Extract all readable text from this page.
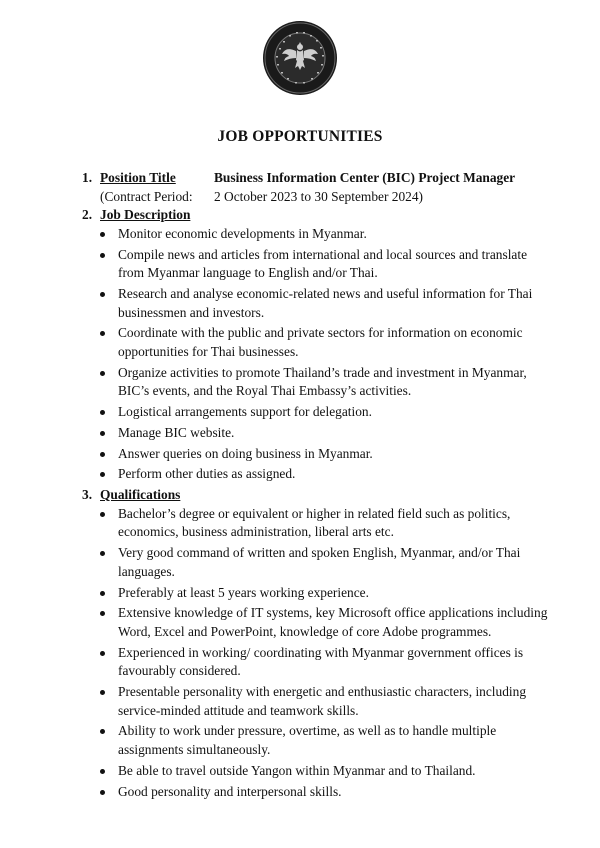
JOB OPPORTUNITIES
1. Position Title	Business Information Center (BIC) Project Manager
(Contract Period:	2 October 2023 to 30 September 2024)
2. Job Description
Monitor economic developments in Myanmar.
Compile news and articles from international and local sources and translate from Myanmar language to English and/or Thai.
Research and analyse economic-related news and useful information for Thai businessmen and investors.
Coordinate with the public and private sectors for information on economic opportunities for Thai businesses.
Organize activities to promote Thailand’s trade and investment in Myanmar, BIC’s events, and the Royal Thai Embassy’s activities.
Logistical arrangements support for delegation.
Manage BIC website.
Answer queries on doing business in Myanmar.
Perform other duties as assigned.
3. Qualifications
Bachelor’s degree or equivalent or higher in related field such as politics, economics, business administration, liberal arts etc.
Very good command of written and spoken English, Myanmar, and/or Thai languages.
Preferably at least 5 years working experience.
Extensive knowledge of IT systems, key Microsoft office applications including Word, Excel and PowerPoint, knowledge of core Adobe programmes.
Experienced in working/ coordinating with Myanmar government offices is favourably considered.
Presentable personality with energetic and enthusiastic characters, including service-minded attitude and teamwork skills.
Ability to work under pressure, overtime, as well as to handle multiple assignments simultaneously.
Be able to travel outside Yangon within Myanmar and to Thailand.
Good personality and interpersonal skills.
